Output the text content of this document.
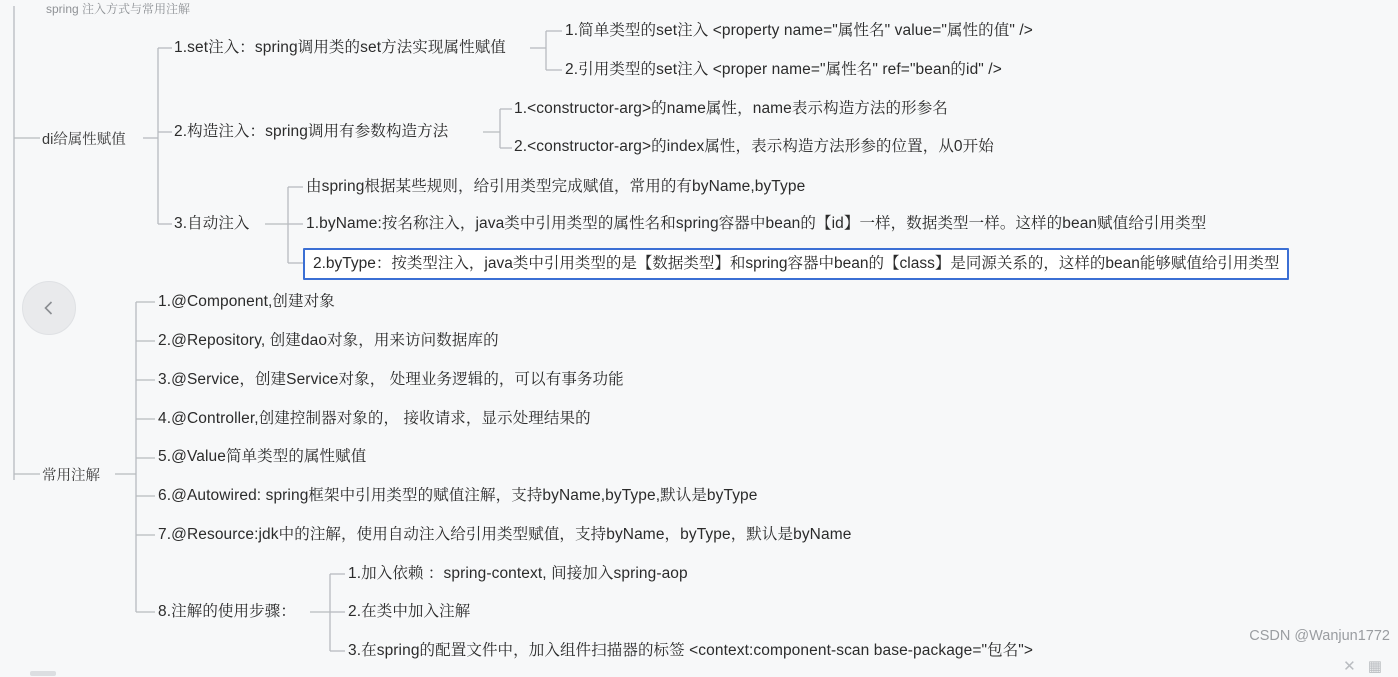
spring 注入方式与常用注解
di给属性赋值
常用注解
1.set注入：spring调用类的set方法实现属性赋值
2.构造注入：spring调用有参数构造方法
3.自动注入
1.简单类型的set注入 <property name="属性名" value="属性的值" />
2.引用类型的set注入 <proper name="属性名" ref="bean的id" />
1.<constructor-arg>的name属性，name表示构造方法的形参名
2.<constructor-arg>的index属性，表示构造方法形参的位置，从0开始
由spring根据某些规则，给引用类型完成赋值，常用的有byName,byType
1.byName:按名称注入，java类中引用类型的属性名和spring容器中bean的【id】一样，数据类型一样。这样的bean赋值给引用类型
2.byType：按类型注入，java类中引用类型的是【数据类型】和spring容器中bean的【class】是同源关系的，这样的bean能够赋值给引用类型
1.@Component,创建对象
2.@Repository, 创建dao对象，用来访问数据库的
3.@Service，创建Service对象， 处理业务逻辑的，可以有事务功能
4.@Controller,创建控制器对象的， 接收请求，显示处理结果的
5.@Value简单类型的属性赋值
6.@Autowired: spring框架中引用类型的赋值注解，支持byName,byType,默认是byType
7.@Resource:jdk中的注解，使用自动注入给引用类型赋值，支持byName，byType，默认是byName
8.注解的使用步骤：
1.加入依赖 ：spring-context, 间接加入spring-aop
2.在类中加入注解
3.在spring的配置文件中，加入组件扫描器的标签 <context:component-scan base-package="包名">
CSDN @Wanjun1772
✕ ▦
